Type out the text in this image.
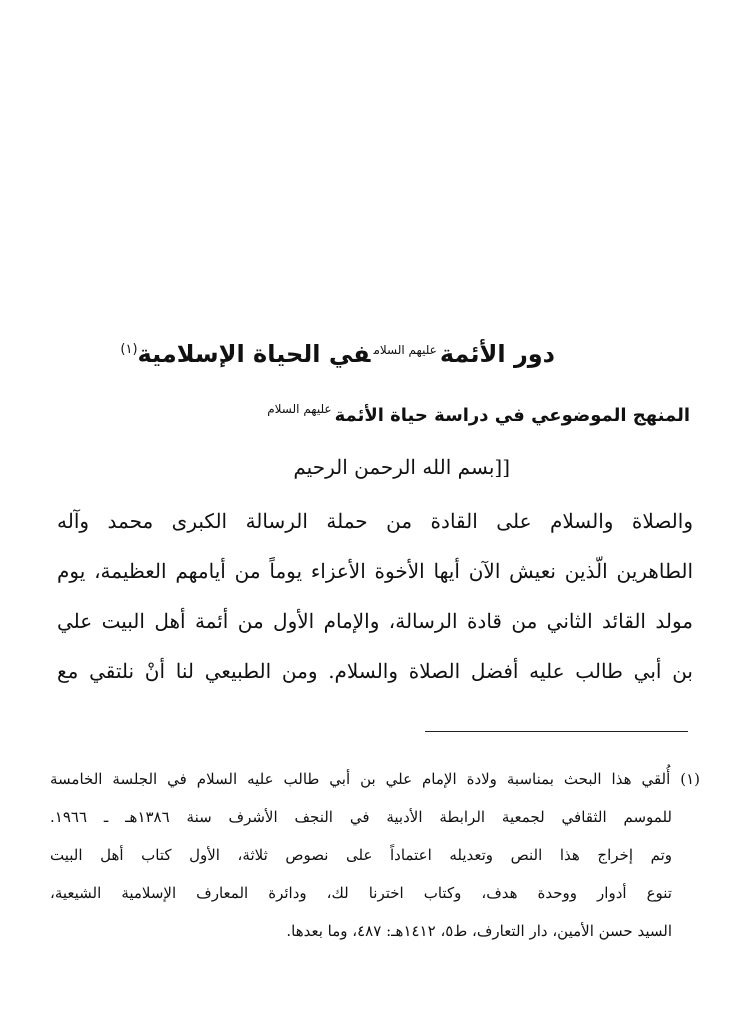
دور الأئمة$^{عليهم السلام}$في الحياة الإسلامية$^{(١)}$
المنهج الموضوعي في دراسة حياة الأئمة$^{عليهم السلام}$
[[بسم الله الرحمن الرحيم
والصلاة والسلام على القادة من حملة الرسالة الكبرى محمد وآله
الطاهرين الّذين نعيش الآن أيها الأخوة الأعزاء يوماً من أيامهم العظيمة، يوم
مولد القائد الثاني من قادة الرسالة، والإمام الأول من أئمة أهل البيت علي
بن أبي طالب عليه أفضل الصلاة والسلام. ومن الطبيعي لنا أنْ نلتقي مع
(١) أُلقي هذا البحث بمناسبة ولادة الإمام علي بن أبي طالب عليه السلام في الجلسة الخامسة
للموسم الثقافي لجمعية الرابطة الأدبية في النجف الأشرف سنة ١٣٨٦هـ ـ ١٩٦٦.
وتم إخراج هذا النص وتعديله اعتماداً على نصوص ثلاثة، الأول كتاب أهل البيت
تنوع أدوار ووحدة هدف، وكتاب اخترنا لك، ودائرة المعارف الإسلامية الشيعية،
السيد حسن الأمين، دار التعارف، ط٥، ١٤١٢هـ: ٤٨٧، وما بعدها.
